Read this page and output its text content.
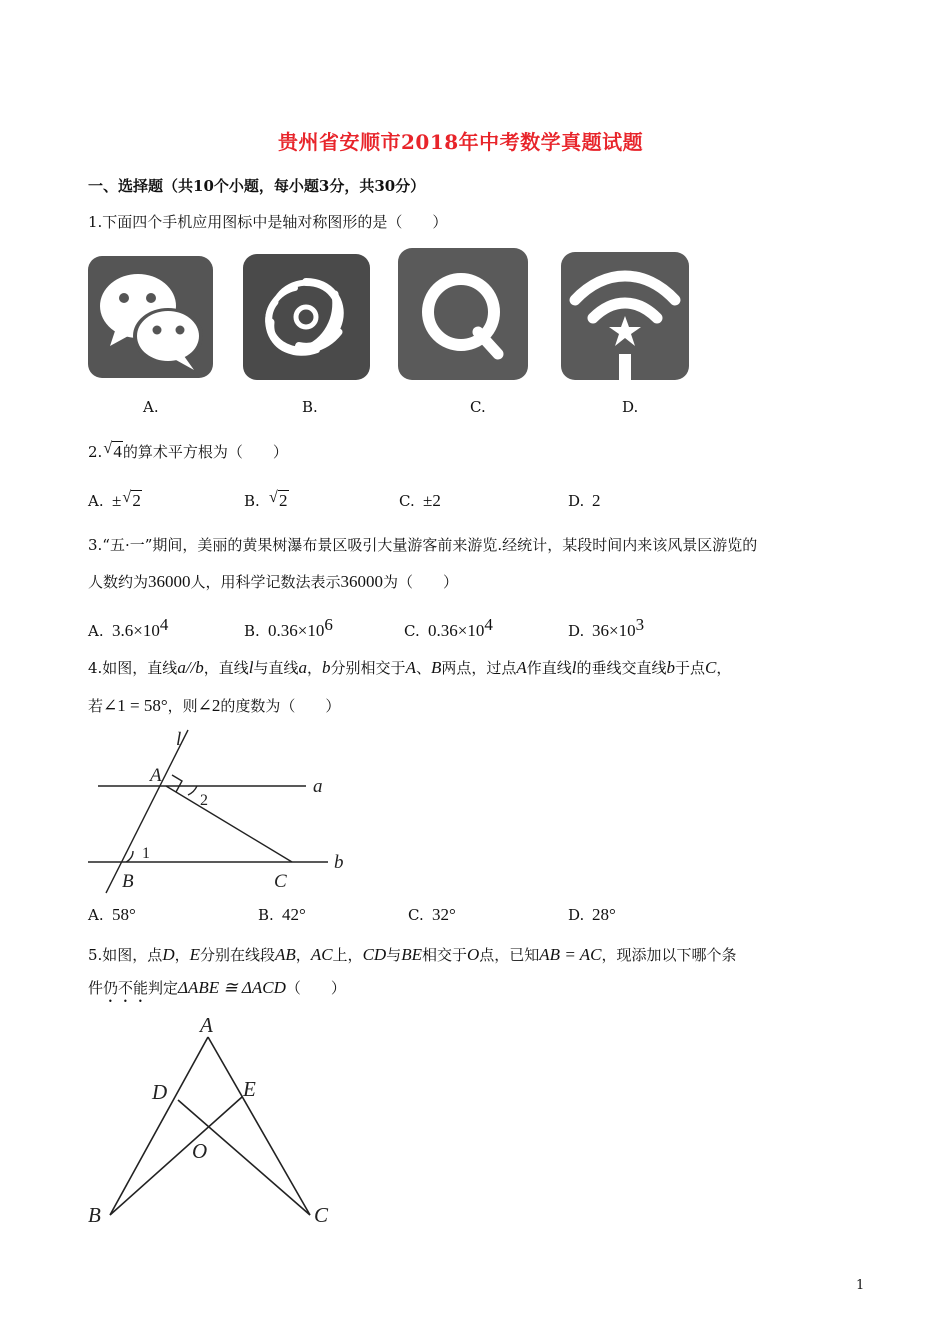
贵州省安顺市2018年中考数学真题试题
一、选择题（共10个小题，每小题3分，共30分）
1.下面四个手机应用图标中是轴对称图形的是（　　）
A.	B.	C.	D.
2. √ 4的算术平方根为（　　）
A. ± √ 2	B. √ 2	C. ±2	D. 2
3.“五·一”期间，美丽的黄果树瀑布景区吸引大量游客前来游览.经统计，某段时间内来该风景区游览的
人数约为36000人，用科学记数法表示36000为（　　）
A. $3.6\times 10^4$	B. $0.36\times 10^6$	C. $0.36\times 10^4$	D. $36\times 10^3$
4.如图，直线a//b，直线l与直线a，b分别相交于A、B两点，过点A作直线l的垂线交直线b于点C，
若∠1 = 58°，则∠2的度数为（　　）
l
A
a
B	C
b
2
1
A. 58°	B. 42°	C. 32°	D. 28°
5.如图，点D，E分别在线段AB，AC上，CD与BE相交于O点，已知AB = AC，现添加以下哪个条
件仍不能判定ΔABE ≅ ΔACD（　　）
A
D	E
O
B	C
1
